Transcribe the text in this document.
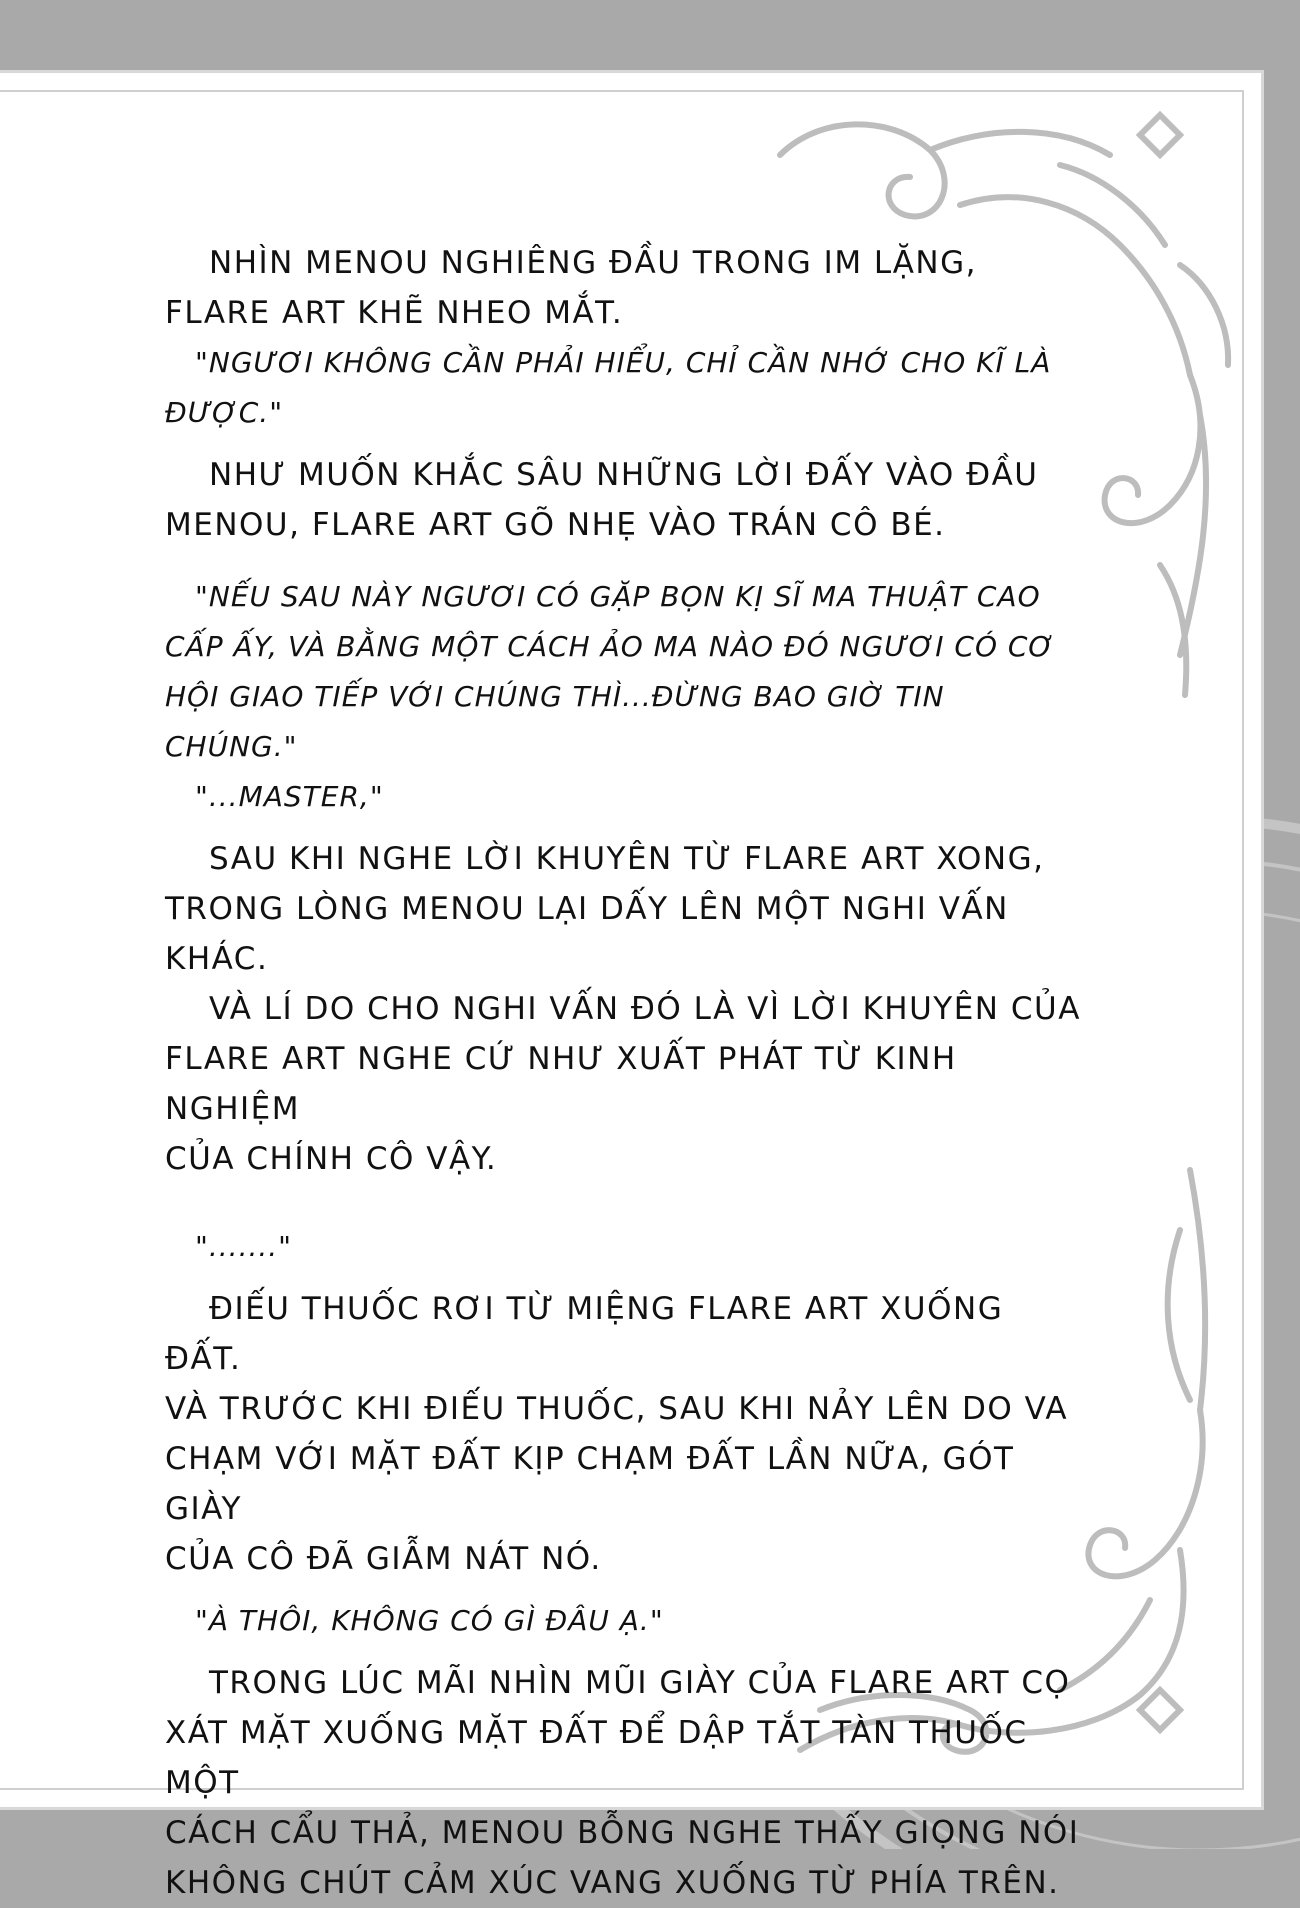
NHÌN MENOU NGHIÊNG ĐẦU TRONG IM LẶNG,
FLARE ART KHẼ NHEO MẮT.

"NGƯƠI KHÔNG CẦN PHẢI HIỂU, CHỈ CẦN NHỚ CHO KĨ LÀ
ĐƯỢC."

NHƯ MUỐN KHẮC SÂU NHỮNG LỜI ĐẤY VÀO ĐẦU
MENOU, FLARE ART GÕ NHẸ VÀO TRÁN CÔ BÉ.

"NẾU SAU NÀY NGƯƠI CÓ GẶP BỌN KỊ SĨ MA THUẬT CAO
CẤP ẤY, VÀ BẰNG MỘT CÁCH ẢO MA NÀO ĐÓ NGƯƠI CÓ CƠ
HỘI GIAO TIẾP VỚI CHÚNG THÌ...ĐỪNG BAO GIỜ TIN CHÚNG."

"...MASTER,"

SAU KHI NGHE LỜI KHUYÊN TỪ FLARE ART XONG,
TRONG LÒNG MENOU LẠI DẤY LÊN MỘT NGHI VẤN
KHÁC.

VÀ LÍ DO CHO NGHI VẤN ĐÓ LÀ VÌ LỜI KHUYÊN CỦA
FLARE ART NGHE CỨ NHƯ XUẤT PHÁT TỪ KINH NGHIỆM
CỦA CHÍNH CÔ VẬY.

"......."

ĐIẾU THUỐC RƠI TỪ MIỆNG FLARE ART XUỐNG ĐẤT.
VÀ TRƯỚC KHI ĐIẾU THUỐC, SAU KHI NẢY LÊN DO VA
CHẠM VỚI MẶT ĐẤT KỊP CHẠM ĐẤT LẦN NỮA, GÓT GIÀY
CỦA CÔ ĐÃ GIẪM NÁT NÓ.

"À THÔI, KHÔNG CÓ GÌ ĐÂU Ạ."

TRONG LÚC MÃI NHÌN MŨI GIÀY CỦA FLARE ART CỌ
XÁT MẶT XUỐNG MẶT ĐẤT ĐỂ DẬP TẮT TÀN THUỐC MỘT
CÁCH CẨU THẢ, MENOU BỖNG NGHE THẤY GIỌNG NÓI
KHÔNG CHÚT CẢM XÚC VANG XUỐNG TỪ PHÍA TRÊN.
